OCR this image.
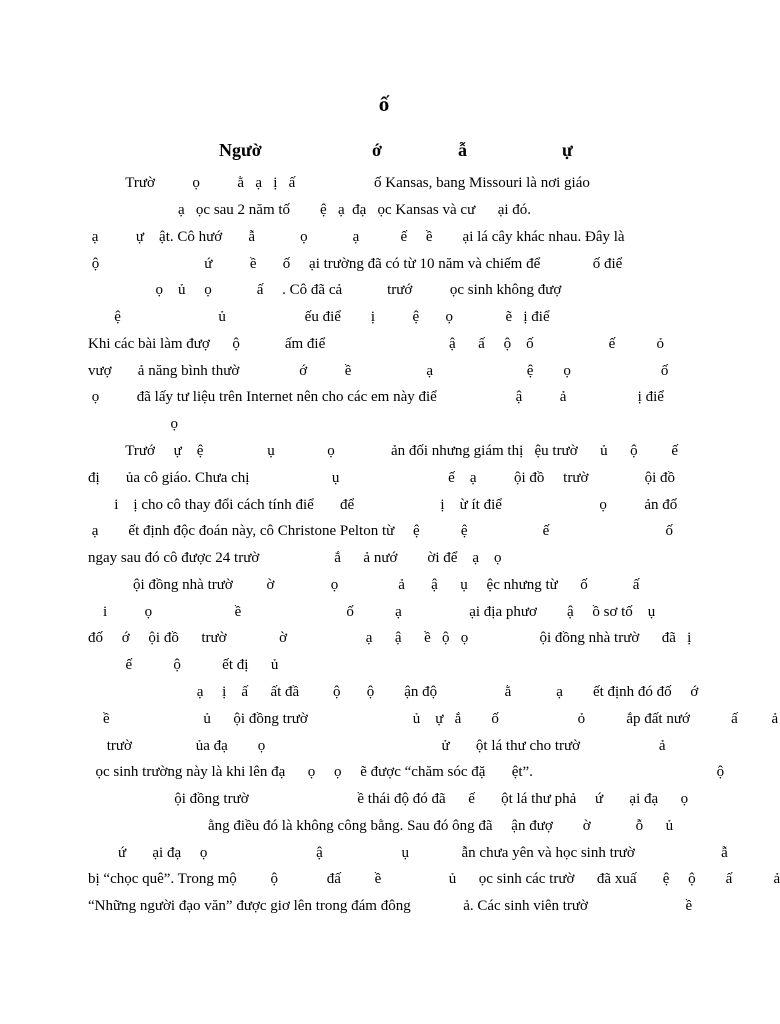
ố
Ngườ	ớ	ẫ	ự
Trườ          ọ          ằ   ạ   ị   ấ                     ố Kansas, bang Missouri là nơi giáo
ạ   ọc sau 2 năm tố        ệ   ạ  đạ   ọc Kansas và cư      ại đó.
ạ          ự    ật. Cô hướ       ẫ            ọ            ạ           ế     ề        ại lá cây khác nhau. Đây là
ộ                            ứ          ề       ố     ại trường đã có từ 10 năm và chiếm để              ố điể
ọ    ủ     ọ            ấ     . Cô đã cả            trướ          ọc sinh không đượ
ệ                          ủ                     ếu điể        ị          ệ       ọ              ẽ   ị điể
Khi các bài làm đượ      ộ            ấm điể                                 ậ      ấ     ộ    ố                    ế           ỏ
vượ       ả năng bình thườ                ớ          ề                    ạ                         ệ        ọ                        ố
ọ          đã lấy tư liệu trên Internet nên cho các em này điể                     ậ          ả                   ị điể
ọ
Trướ     ự    ệ                 ụ              ọ               ản đối nhưng giám thị   ệu trườ      ủ      ộ         ế
đị       ủa cô giáo. Chưa chị                      ụ                             ế    ạ          ội đồ     trườ               ội đồ
i    ị cho cô thay đổi cách tính điể       để                       ị    ừ ít điể                          ọ          ản đố
ạ        ết định độc đoán này, cô Christone Pelton từ     ệ           ệ                    ế                               ố
ngay sau đó cô được 24 trườ                    ắ      ả nướ        ời để    ạ    ọ
ội đồng nhà trườ         ờ               ọ                ả       ậ      ụ     ệc nhưng từ      ố            ấ
i          ọ                      ề                            ố           ạ                  ại địa phươ        ậ     ồ sơ tố    ụ
đố     ớ     ội đồ      trườ              ờ                     ạ      ậ      ề   ộ   ọ                   ội đồng nhà trườ      đã   ị
ế           ộ           ết đị      ủ
ạ     ị    ấ      ất đầ         ộ       ộ        ận độ                  ằ            ạ        ết định đó đố     ớ
ề                         ủ      ội đồng trườ                            ủ    ự   ắ        ố                     ỏ           ắp đất nướ           ấ         ả
trườ                 ủa đạ        ọ                                               ử       ột lá thư cho trườ                     ả
ọc sinh trường này là khi lên đạ      ọ     ọ     ẽ được “chăm sóc đặ       ệt”.                                                 ộ
ội đồng trườ                             ề thái độ đó đã      ế       ột lá thư phả     ứ       ại đạ      ọ
ằng điều đó là không công bằng. Sau đó ông đã     ận đượ        ờ            ỗ      ủ
ứ       ại đạ     ọ                             ậ                     ụ              ẫn chưa yên và học sinh trườ                       ẫ
bị “chọc quê”. Trong mộ         ộ             đấ         ề                  ủ      ọc sinh các trườ      đã xuấ       ệ     ộ        ấ           ả
“Những người đạo văn” được giơ lên trong đám đông              ả. Các sinh viên trườ                          ề
